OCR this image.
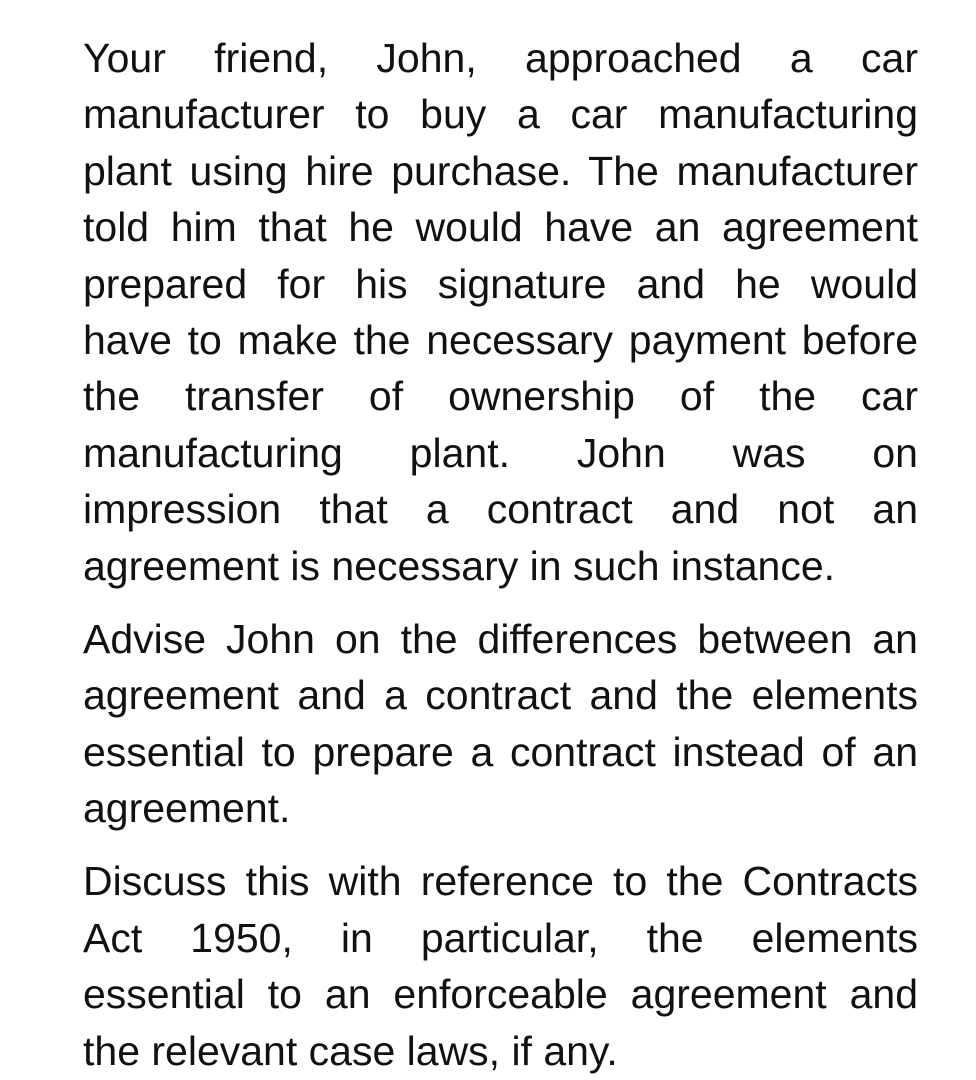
Your friend, John, approached a car
manufacturer to buy a car manufacturing
plant using hire purchase. The manufacturer
told him that he would have an agreement
prepared for his signature and he would
have to make the necessary payment before
the transfer of ownership of the car
manufacturing plant. John was on
impression that a contract and not an
agreement is necessary in such instance.

Advise John on the differences between an
agreement and a contract and the elements
essential to prepare a contract instead of an
agreement.

Discuss this with reference to the Contracts
Act 1950, in particular, the elements
essential to an enforceable agreement and
the relevant case laws, if any.
